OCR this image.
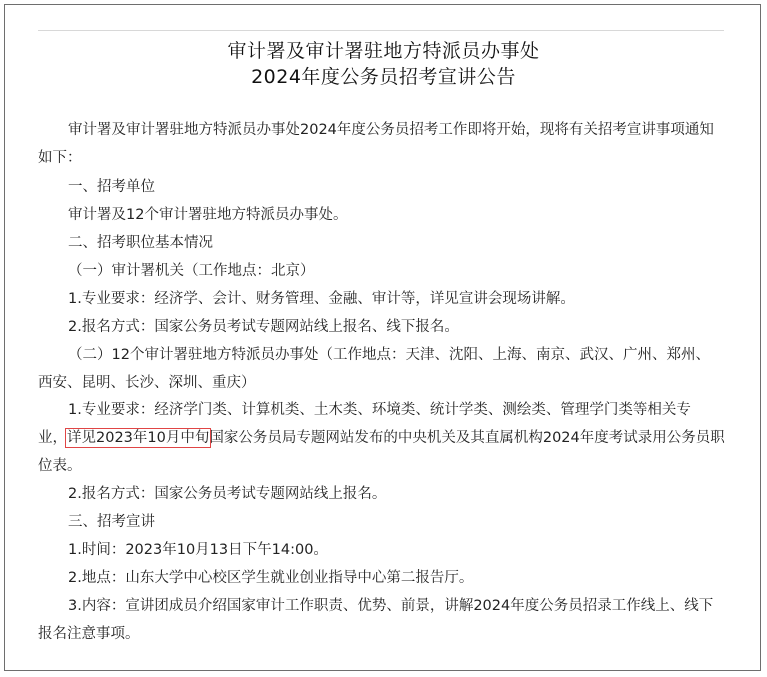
审计署及审计署驻地方特派员办事处
2024年度公务员招考宣讲公告
审计署及审计署驻地方特派员办事处2024年度公务员招考工作即将开始，现将有关招考宣讲事项通知
如下：
一、招考单位
审计署及12个审计署驻地方特派员办事处。
二、招考职位基本情况
（一）审计署机关（工作地点：北京）
1.专业要求：经济学、会计、财务管理、金融、审计等，详见宣讲会现场讲解。
2.报名方式：国家公务员考试专题网站线上报名、线下报名。
（二）12个审计署驻地方特派员办事处（工作地点：天津、沈阳、上海、南京、武汉、广州、郑州、
西安、昆明、长沙、深圳、重庆）
1.专业要求：经济学门类、计算机类、土木类、环境类、统计学类、测绘类、管理学门类等相关专
业，详见2023年10月中旬国家公务员局专题网站发布的中央机关及其直属机构2024年度考试录用公务员职
位表。
2.报名方式：国家公务员考试专题网站线上报名。
三、招考宣讲
1.时间：2023年10月13日下午14:00。
2.地点：山东大学中心校区学生就业创业指导中心第二报告厅。
3.内容：宣讲团成员介绍国家审计工作职责、优势、前景，讲解2024年度公务员招录工作线上、线下
报名注意事项。
